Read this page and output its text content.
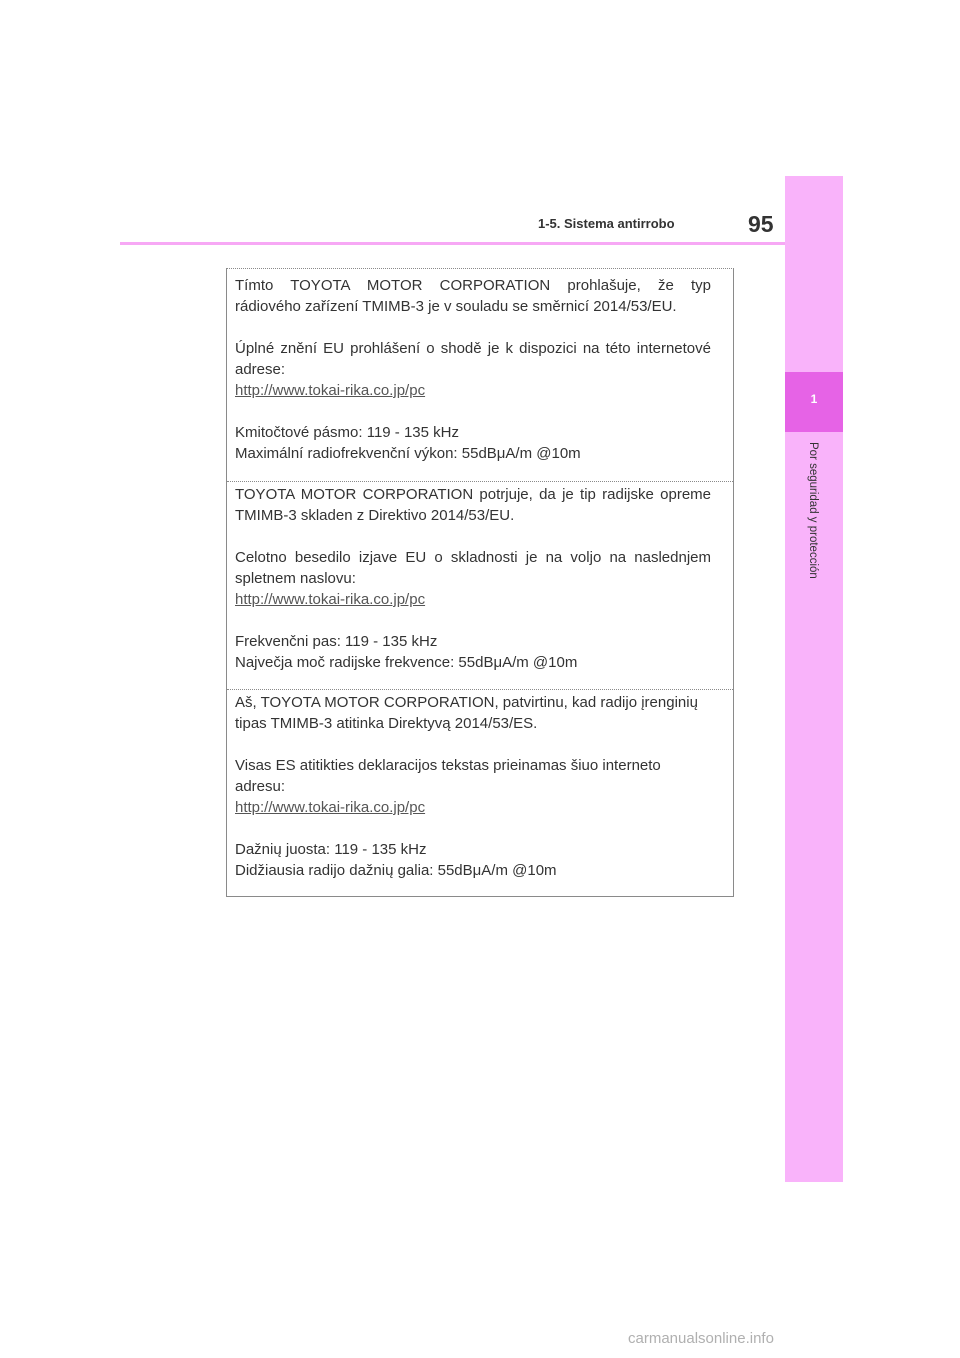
1
Por seguridad y protección
1-5. Sistema antirrobo	95

Tímto TOYOTA MOTOR CORPORATION prohlašuje, že typ

rádiového zařízení TMIMB-3 je v souladu se směrnicí 2014/53/EU.

Úplné znění EU prohlášení o shodě je k dispozici na této internetové

adrese:

http://www.tokai-rika.co.jp/pc

Kmitočtové pásmo: 119 - 135 kHz

Maximální radiofrekvenční výkon: 55dBμA/m @10m

TOYOTA MOTOR CORPORATION potrjuje, da je tip radijske opreme

TMIMB-3 skladen z Direktivo 2014/53/EU.

Celotno besedilo izjave EU o skladnosti je na voljo na naslednjem

spletnem naslovu:

http://www.tokai-rika.co.jp/pc

Frekvenčni pas: 119 - 135 kHz

Največja moč radijske frekvence: 55dBμA/m @10m

Aš, TOYOTA MOTOR CORPORATION, patvirtinu, kad radijo įrenginių

tipas TMIMB-3 atitinka Direktyvą 2014/53/ES.

Visas ES atitikties deklaracijos tekstas prieinamas šiuo interneto

adresu:

http://www.tokai-rika.co.jp/pc

Dažnių juosta: 119 - 135 kHz

Didžiausia radijo dažnių galia: 55dBμA/m @10m

carmanualsonline.info
